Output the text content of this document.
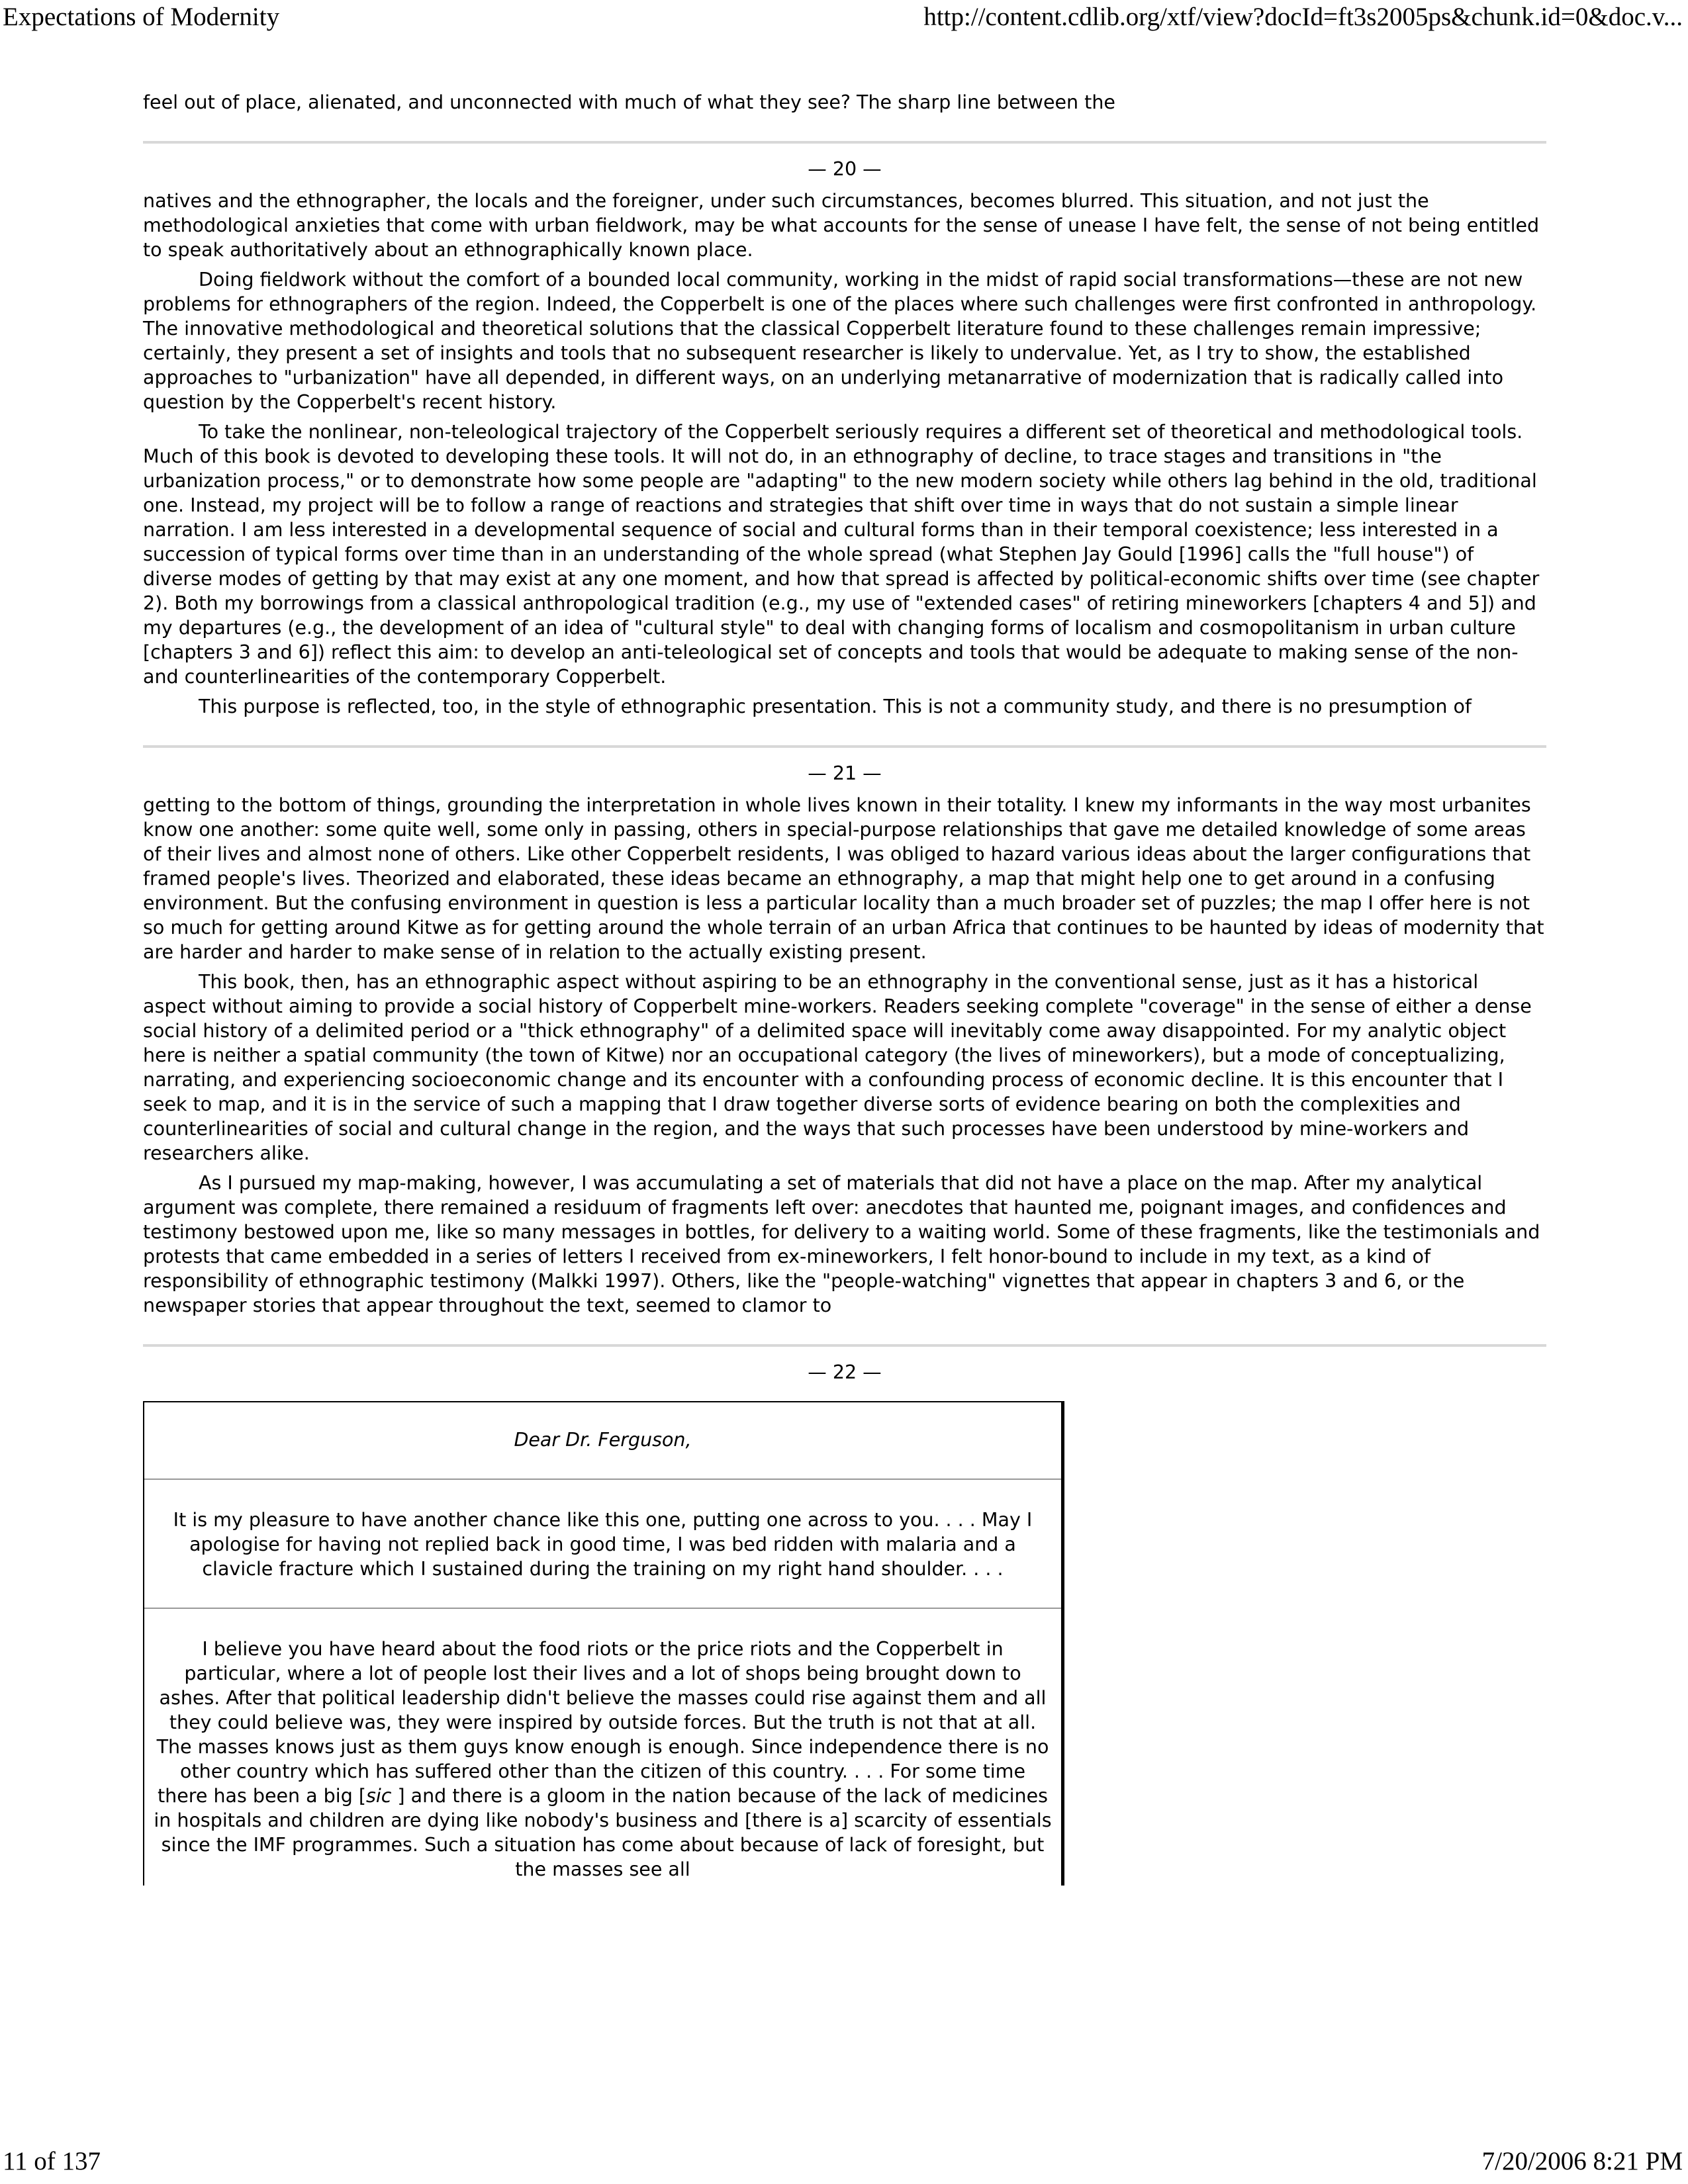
Expectations of Modernity	http://content.cdlib.org/xtf/view?docId=ft3s2005ps&chunk.id=0&doc.v...

feel out of place, alienated, and unconnected with much of what they see? The sharp line between the

— 20 —

natives and the ethnographer, the locals and the foreigner, under such circumstances, becomes blurred. This situation, and not just the methodological anxieties that come with urban fieldwork, may be what accounts for the sense of unease I have felt, the sense of not being entitled to speak authoritatively about an ethnographically known place.

Doing fieldwork without the comfort of a bounded local community, working in the midst of rapid social transformations—these are not new problems for ethnographers of the region. Indeed, the Copperbelt is one of the places where such challenges were first confronted in anthropology. The innovative methodological and theoretical solutions that the classical Copperbelt literature found to these challenges remain impressive; certainly, they present a set of insights and tools that no subsequent researcher is likely to undervalue. Yet, as I try to show, the established approaches to "urbanization" have all depended, in different ways, on an underlying metanarrative of modernization that is radically called into question by the Copperbelt's recent history.

To take the nonlinear, non-teleological trajectory of the Copperbelt seriously requires a different set of theoretical and methodological tools. Much of this book is devoted to developing these tools. It will not do, in an ethnography of decline, to trace stages and transitions in "the urbanization process," or to demonstrate how some people are "adapting" to the new modern society while others lag behind in the old, traditional one. Instead, my project will be to follow a range of reactions and strategies that shift over time in ways that do not sustain a simple linear narration. I am less interested in a developmental sequence of social and cultural forms than in their temporal coexistence; less interested in a succession of typical forms over time than in an understanding of the whole spread (what Stephen Jay Gould [1996] calls the "full house") of diverse modes of getting by that may exist at any one moment, and how that spread is affected by political-economic shifts over time (see chapter 2). Both my borrowings from a classical anthropological tradition (e.g., my use of "extended cases" of retiring mineworkers [chapters 4 and 5]) and my departures (e.g., the development of an idea of "cultural style" to deal with changing forms of localism and cosmopolitanism in urban culture [chapters 3 and 6]) reflect this aim: to develop an anti-teleological set of concepts and tools that would be adequate to making sense of the non- and counterlinearities of the contemporary Copperbelt.

This purpose is reflected, too, in the style of ethnographic presentation. This is not a community study, and there is no presumption of

— 21 —

getting to the bottom of things, grounding the interpretation in whole lives known in their totality. I knew my informants in the way most urbanites know one another: some quite well, some only in passing, others in special-purpose relationships that gave me detailed knowledge of some areas of their lives and almost none of others. Like other Copperbelt residents, I was obliged to hazard various ideas about the larger configurations that framed people's lives. Theorized and elaborated, these ideas became an ethnography, a map that might help one to get around in a confusing environment. But the confusing environment in question is less a particular locality than a much broader set of puzzles; the map I offer here is not so much for getting around Kitwe as for getting around the whole terrain of an urban Africa that continues to be haunted by ideas of modernity that are harder and harder to make sense of in relation to the actually existing present.

This book, then, has an ethnographic aspect without aspiring to be an ethnography in the conventional sense, just as it has a historical aspect without aiming to provide a social history of Copperbelt mine-workers. Readers seeking complete "coverage" in the sense of either a dense social history of a delimited period or a "thick ethnography" of a delimited space will inevitably come away disappointed. For my analytic object here is neither a spatial community (the town of Kitwe) nor an occupational category (the lives of mineworkers), but a mode of conceptualizing, narrating, and experiencing socioeconomic change and its encounter with a confounding process of economic decline. It is this encounter that I seek to map, and it is in the service of such a mapping that I draw together diverse sorts of evidence bearing on both the complexities and counterlinearities of social and cultural change in the region, and the ways that such processes have been understood by mine-workers and researchers alike.

As I pursued my map-making, however, I was accumulating a set of materials that did not have a place on the map. After my analytical argument was complete, there remained a residuum of fragments left over: anecdotes that haunted me, poignant images, and confidences and testimony bestowed upon me, like so many messages in bottles, for delivery to a waiting world. Some of these fragments, like the testimonials and protests that came embedded in a series of letters I received from ex-mineworkers, I felt honor-bound to include in my text, as a kind of responsibility of ethnographic testimony (Malkki 1997). Others, like the "people-watching" vignettes that appear in chapters 3 and 6, or the newspaper stories that appear throughout the text, seemed to clamor to

— 22 —
Dear Dr. Ferguson,
It is my pleasure to have another chance like this one, putting one across to you. . . . May I apologise for having not replied back in good time, I was bed ridden with malaria and a clavicle fracture which I sustained during the training on my right hand shoulder. . . .
I believe you have heard about the food riots or the price riots and the Copperbelt in particular, where a lot of people lost their lives and a lot of shops being brought down to ashes. After that political leadership didn't believe the masses could rise against them and all they could believe was, they were inspired by outside forces. But the truth is not that at all. The masses knows just as them guys know enough is enough. Since independence there is no other country which has suffered other than the citizen of this country. . . . For some time there has been a big [sic ] and there is a gloom in the nation because of the lack of medicines in hospitals and children are dying like nobody's business and [there is a] scarcity of essentials since the IMF programmes. Such a situation has come about because of lack of foresight, but the masses see all
11 of 137	7/20/2006 8:21 PM
